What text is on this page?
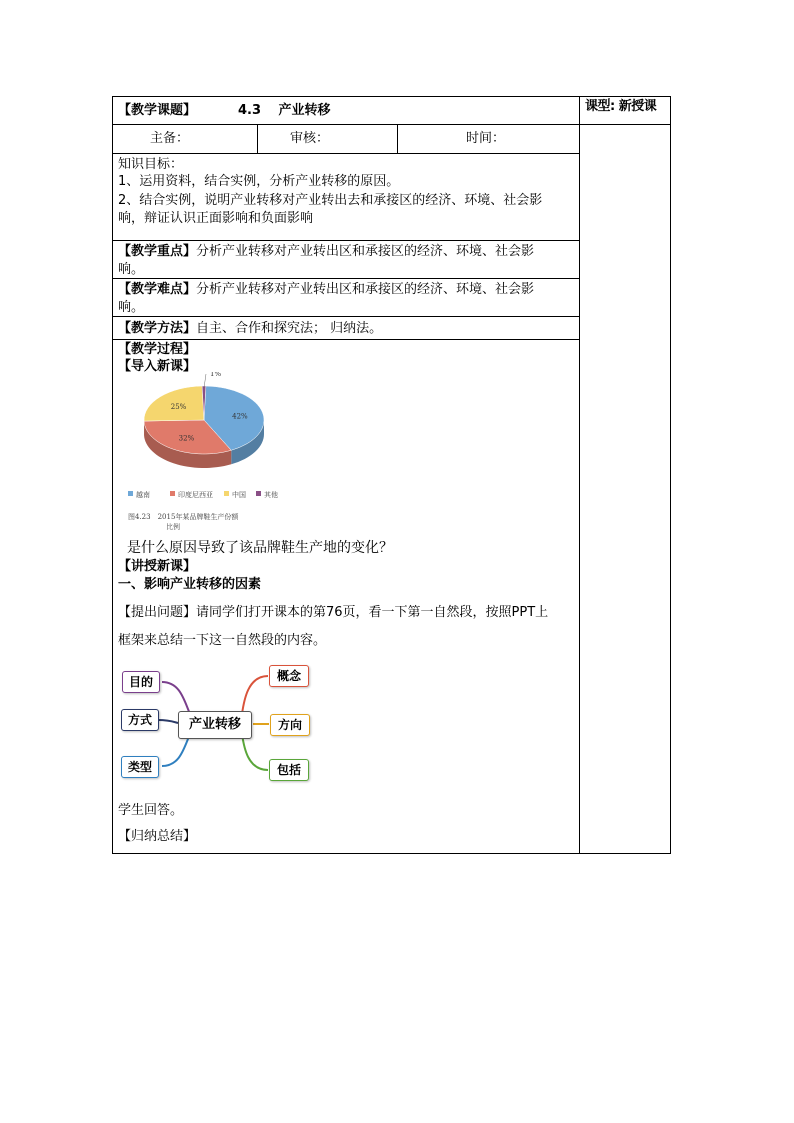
【教学课题】	4.3　 产业转移	课型: 新授课
主备：	审核：	时间：
知识目标：
1、运用资料，结合实例，分析产业转移的原因。
2、结合实例，说明产业转移对产业转出去和承接区的经济、环境、社会影
响，辩证认识正面影响和负面影响
【教学重点】分析产业转移对产业转出区和承接区的经济、环境、社会影
响。
【教学难点】分析产业转移对产业转出区和承接区的经济、环境、社会影
响。
【教学方法】自主、合作和探究法； 归纳法。
【教学过程】
【导入新课】
42%
32%
25%
1%
越南	印度尼西亚	中国	其他
图4.23　2015年某品牌鞋生产份额
比例
是什么原因导致了该品牌鞋生产地的变化？
【讲授新课】
一、影响产业转移的因素
【提出问题】请同学们打开课本的第76页，看一下第一自然段，按照PPT上
框架来总结一下这一自然段的内容。
目的
方式
类型
产业转移
概念
方向
包括
学生回答。
【归纳总结】
